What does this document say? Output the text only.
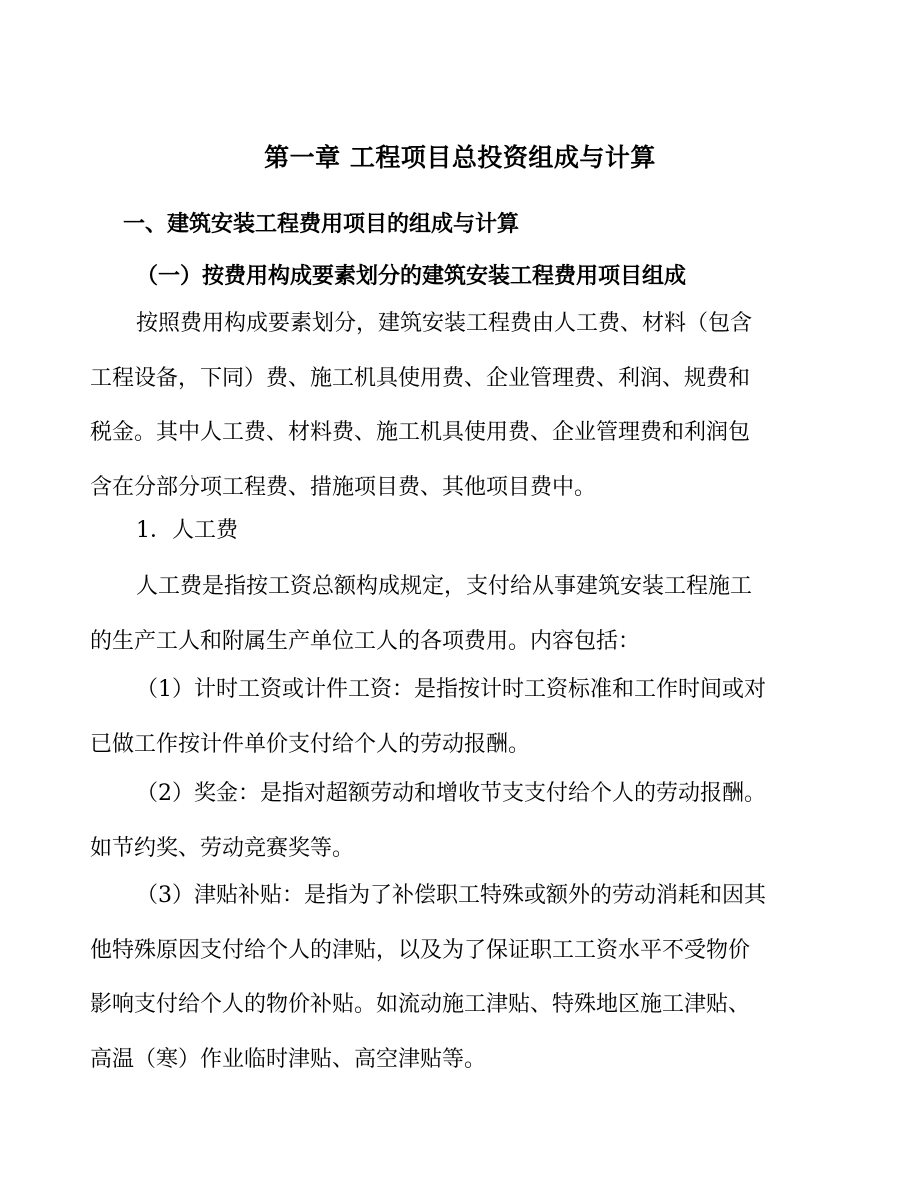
第一章 工程项目总投资组成与计算
一、建筑安装工程费用项目的组成与计算
（一）按费用构成要素划分的建筑安装工程费用项目组成

按照费用构成要素划分，建筑安装工程费由人工费、材料（包含
工程设备，下同）费、施工机具使用费、企业管理费、利润、规费和
税金。其中人工费、材料费、施工机具使用费、企业管理费和利润包
含在分部分项工程费、措施项目费、其他项目费中。

1．人工费

人工费是指按工资总额构成规定，支付给从事建筑安装工程施工
的生产工人和附属生产单位工人的各项费用。内容包括：

（1）计时工资或计件工资：是指按计时工资标准和工作时间或对
已做工作按计件单价支付给个人的劳动报酬。

（2）奖金：是指对超额劳动和增收节支支付给个人的劳动报酬。
如节约奖、劳动竞赛奖等。

（3）津贴补贴：是指为了补偿职工特殊或额外的劳动消耗和因其
他特殊原因支付给个人的津贴，以及为了保证职工工资水平不受物价
影响支付给个人的物价补贴。如流动施工津贴、特殊地区施工津贴、
高温（寒）作业临时津贴、高空津贴等。
